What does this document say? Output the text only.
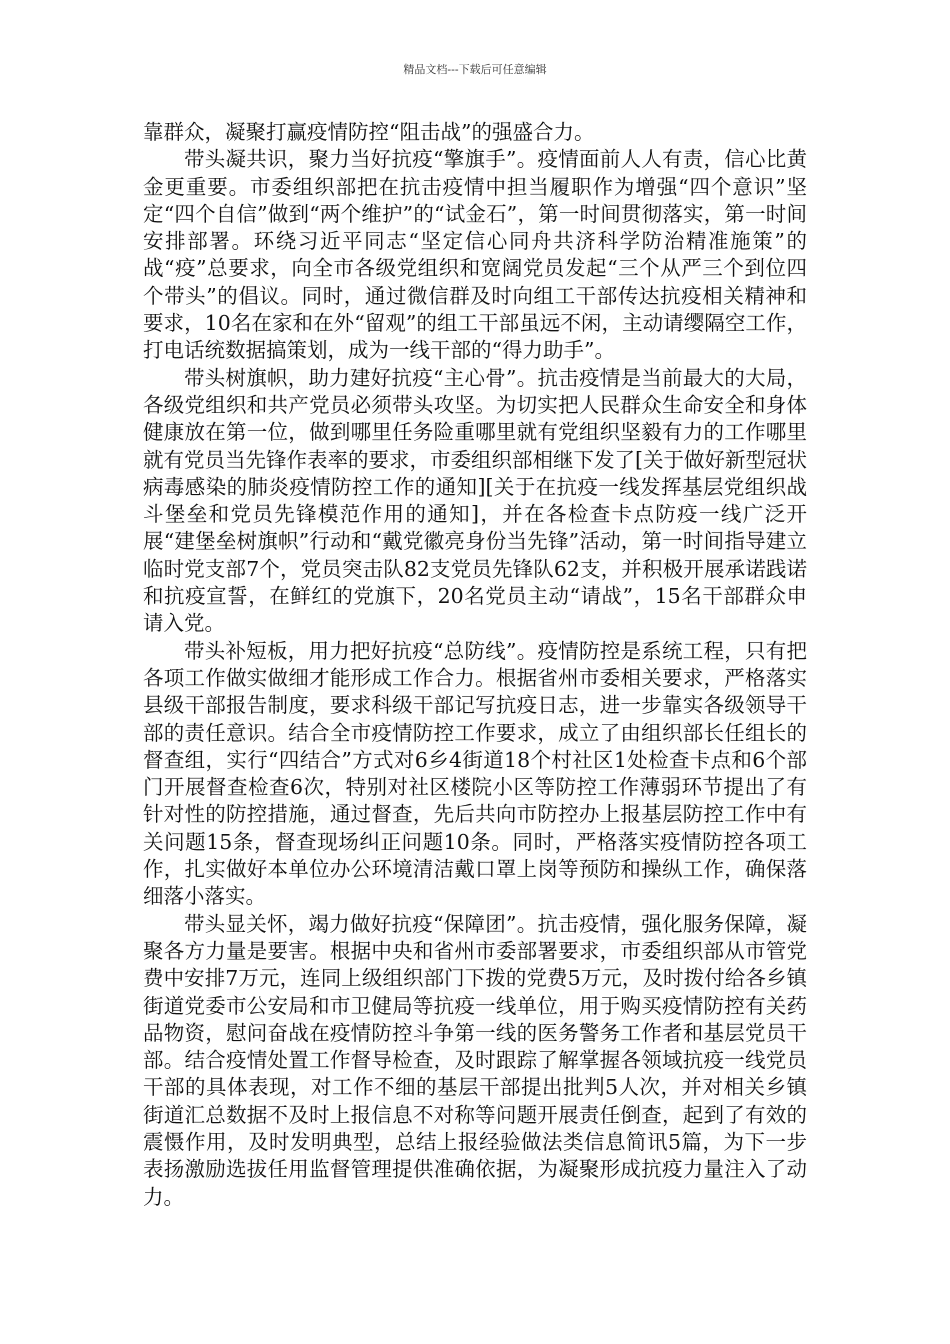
精品文档---下载后可任意编辑

靠群众，凝聚打赢疫情防控“阻击战”的强盛合力。

带头凝共识，聚力当好抗疫“擎旗手”。疫情面前人人有责，信心比黄金更重要。市委组织部把在抗击疫情中担当履职作为增强“四个意识”坚定“四个自信”做到“两个维护”的“试金石”，第一时间贯彻落实，第一时间安排部署。环绕习近平同志“坚定信心同舟共济科学防治精准施策”的战“疫”总要求，向全市各级党组织和宽阔党员发起“三个从严三个到位四个带头”的倡议。同时，通过微信群及时向组工干部传达抗疫相关精神和要求，10名在家和在外“留观”的组工干部虽远不闲，主动请缨隔空工作，打电话统数据搞策划，成为一线干部的“得力助手”。

带头树旗帜，助力建好抗疫“主心骨”。抗击疫情是当前最大的大局，各级党组织和共产党员必须带头攻坚。为切实把人民群众生命安全和身体健康放在第一位，做到哪里任务险重哪里就有党组织坚毅有力的工作哪里就有党员当先锋作表率的要求，市委组织部相继下发了[关于做好新型冠状病毒感染的肺炎疫情防控工作的通知][关于在抗疫一线发挥基层党组织战斗堡垒和党员先锋模范作用的通知]，并在各检查卡点防疫一线广泛开展“建堡垒树旗帜”行动和“戴党徽亮身份当先锋”活动，第一时间指导建立临时党支部7个，党员突击队82支党员先锋队62支，并积极开展承诺践诺和抗疫宣誓，在鲜红的党旗下，20名党员主动“请战”，15名干部群众申请入党。

带头补短板，用力把好抗疫“总防线”。疫情防控是系统工程，只有把各项工作做实做细才能形成工作合力。根据省州市委相关要求，严格落实县级干部报告制度，要求科级干部记写抗疫日志，进一步靠实各级领导干部的责任意识。结合全市疫情防控工作要求，成立了由组织部长任组长的督查组，实行“四结合”方式对6乡4街道18个村社区1处检查卡点和6个部门开展督查检查6次，特别对社区楼院小区等防控工作薄弱环节提出了有针对性的防控措施，通过督查，先后共向市防控办上报基层防控工作中有关问题15条，督查现场纠正问题10条。同时，严格落实疫情防控各项工作，扎实做好本单位办公环境清洁戴口罩上岗等预防和操纵工作，确保落细落小落实。

带头显关怀，竭力做好抗疫“保障团”。抗击疫情，强化服务保障，凝聚各方力量是要害。根据中央和省州市委部署要求，市委组织部从市管党费中安排7万元，连同上级组织部门下拨的党费5万元，及时拨付给各乡镇街道党委市公安局和市卫健局等抗疫一线单位，用于购买疫情防控有关药品物资，慰问奋战在疫情防控斗争第一线的医务警务工作者和基层党员干部。结合疫情处置工作督导检查，及时跟踪了解掌握各领域抗疫一线党员干部的具体表现，对工作不细的基层干部提出批判5人次，并对相关乡镇街道汇总数据不及时上报信息不对称等问题开展责任倒查，起到了有效的震慑作用，及时发明典型，总结上报经验做法类信息简讯5篇，为下一步表扬激励选拔任用监督管理提供准确依据，为凝聚形成抗疫力量注入了动力。
